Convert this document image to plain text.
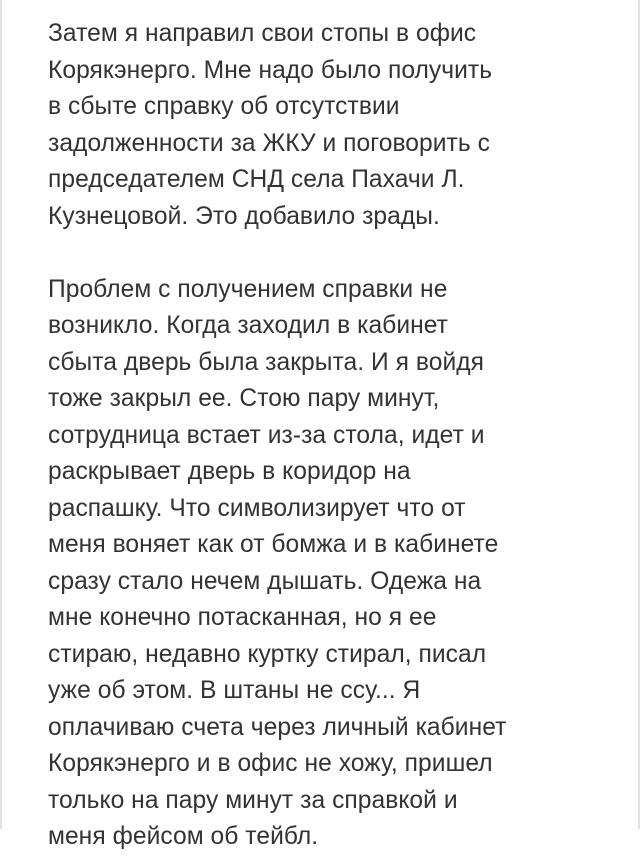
Затем я направил свои стопы в офис
Корякэнерго. Мне надо было получить
в сбыте справку об отсутствии
задолженности за ЖКУ и поговорить с
председателем СНД села Пахачи Л.
Кузнецовой. Это добавило зрады.

Проблем с получением справки не
возникло. Когда заходил в кабинет
сбыта дверь была закрыта. И я войдя
тоже закрыл ее. Стою пару минут,
сотрудница встает из-за стола, идет и
раскрывает дверь в коридор на
распашку. Что символизирует что от
меня воняет как от бомжа и в кабинете
сразу стало нечем дышать. Одежа на
мне конечно потасканная, но я ее
стираю, недавно куртку стирал, писал
уже об этом. В штаны не ссу... Я
оплачиваю счета через личный кабинет
Корякэнерго и в офис не хожу, пришел
только на пару минут за справкой и
меня фейсом об тейбл.
